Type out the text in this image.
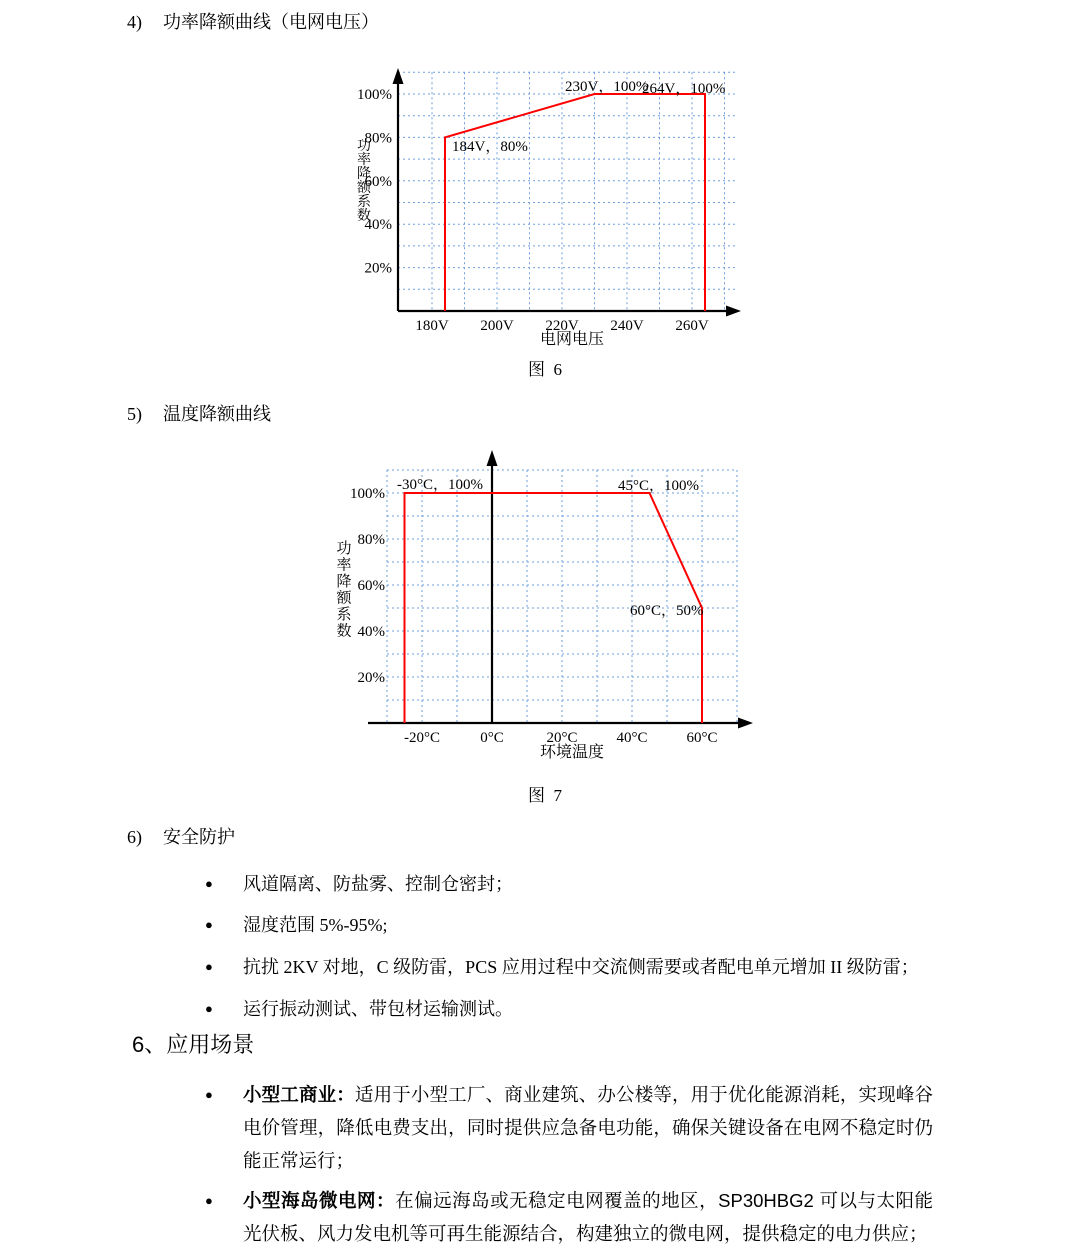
4) 功率降额曲线（电网电压）
180V 200V 220V 240V 260V
20%
40%
60%
80%
100%
功
率
降
额
系
数
电网电压
184V，80%
230V，100%
264V，100%
图  6
5) 温度降额曲线
-20°C	0°C	20°C	40°C	60°C
20%
40%
60%
80%
100%
功
率
降
额
系
数
环境温度
-30°C，100%	45°C，100%
60°C，50%
图  7
6) 安全防护
●	风道隔离、防盐雾、控制仓密封；
●	湿度范围 5%-95%;
●	抗扰 2KV 对地，C 级防雷，PCS 应用过程中交流侧需要或者配电单元增加 II 级防雷；
●	运行振动测试、带包材运输测试。
6、应用场景
●	小型工商业：适用于小型工厂、商业建筑、办公楼等，用于优化能源消耗，实现峰谷电价管理，降低电费支出，同时提供应急备电功能，确保关键设备在电网不稳定时仍能正常运行；
●	小型海岛微电网：在偏远海岛或无稳定电网覆盖的地区，SP30HBG2 可以与太阳能光伏板、风力发电机等可再生能源结合，构建独立的微电网，提供稳定的电力供应；
